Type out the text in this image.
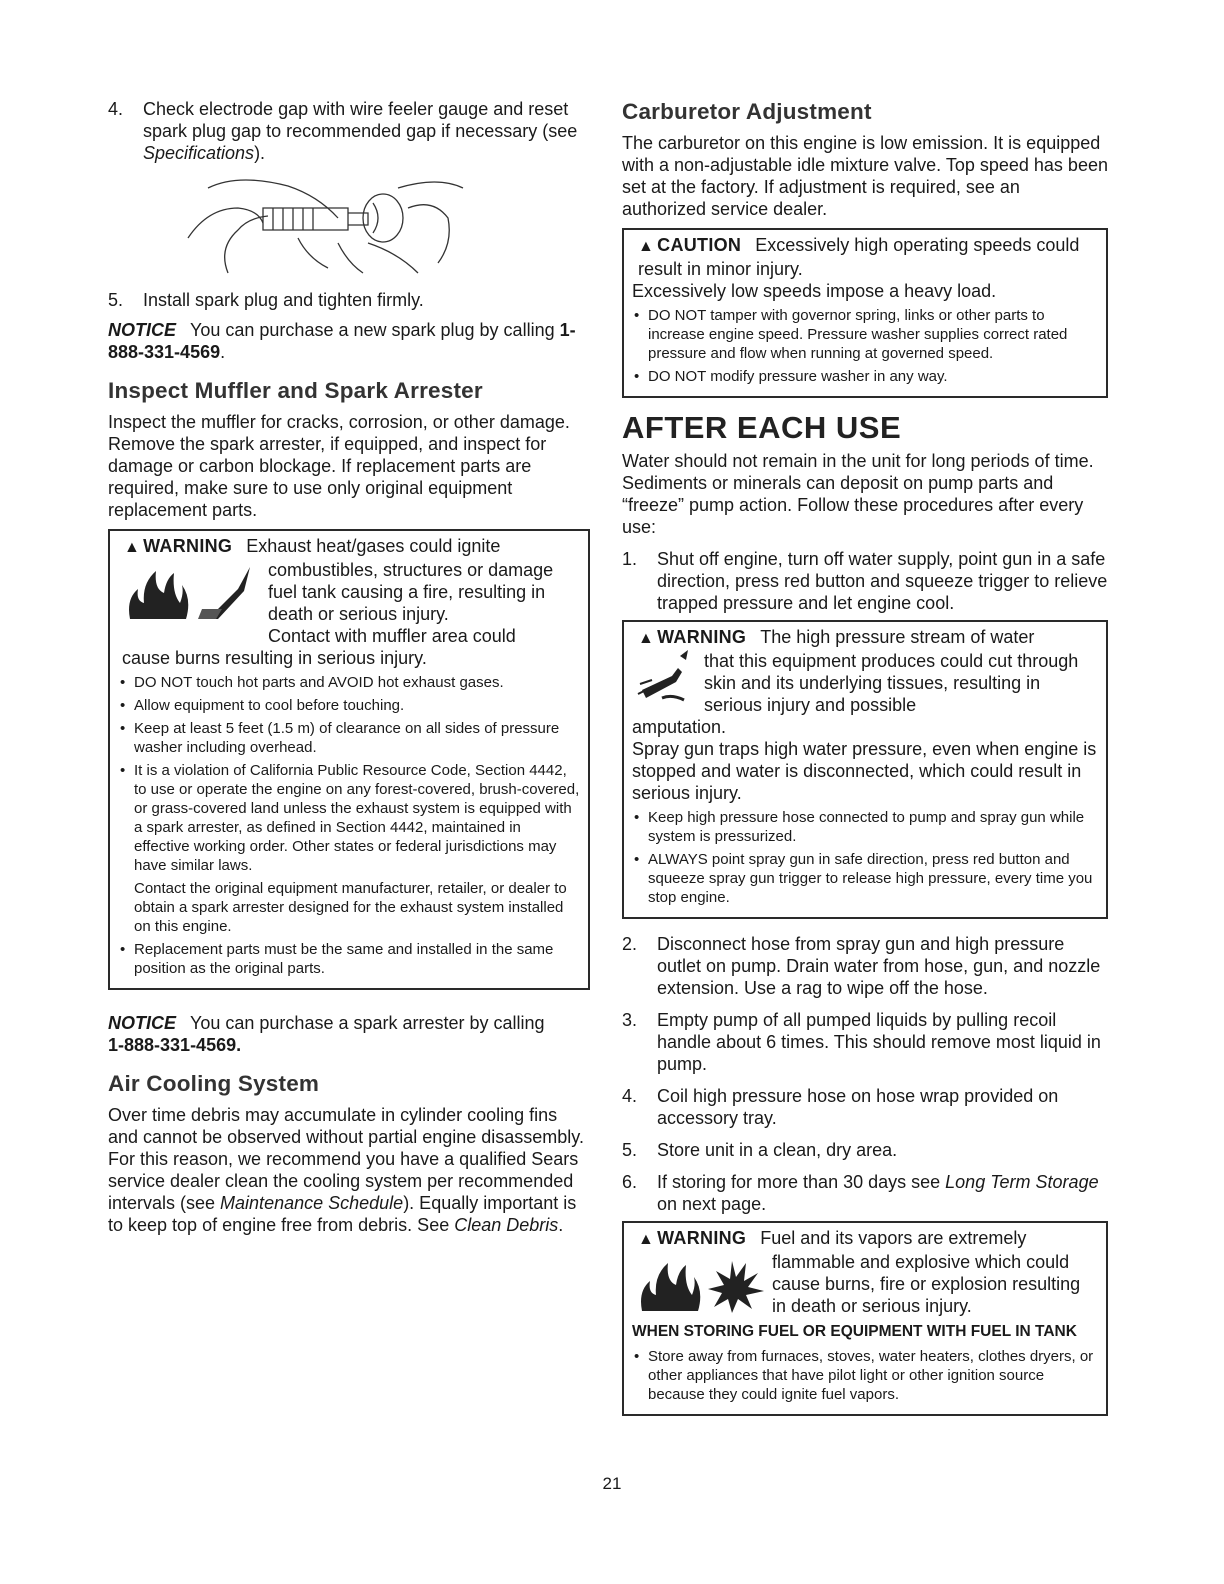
4.	Check electrode gap with wire feeler gauge and reset spark plug gap to recommended gap if necessary (see Specifications).
5.	Install spark plug and tighten firmly.

NOTICE You can purchase a new spark plug by calling 1-888-331-4569.

Inspect Muffler and Spark Arrester

Inspect the muffler for cracks, corrosion, or other damage. Remove the spark arrester, if equipped, and inspect for damage or carbon blockage. If replacement parts are required, make sure to use only original equipment replacement parts.

▲ WARNING Exhaust heat/gases could ignite
combustibles, structures or damage fuel tank causing a fire, resulting in death or serious injury.
Contact with muffler area could
cause burns resulting in serious injury.
• DO NOT touch hot parts and AVOID hot exhaust gases.
• Allow equipment to cool before touching.
• Keep at least 5 feet (1.5 m) of clearance on all sides of pressure washer including overhead.
• It is a violation of California Public Resource Code, Section 4442, to use or operate the engine on any forest-covered, brush-covered, or grass-covered land unless the exhaust system is equipped with a spark arrester, as defined in Section 4442, maintained in effective working order. Other states or federal jurisdictions may have similar laws.
Contact the original equipment manufacturer, retailer, or dealer to obtain a spark arrester designed for the exhaust system installed on this engine.
• Replacement parts must be the same and installed in the same position as the original parts.

NOTICE You can purchase a spark arrester by calling
1-888-331-4569.

Air Cooling System

Over time debris may accumulate in cylinder cooling fins and cannot be observed without partial engine disassembly. For this reason, we recommend you have a qualified Sears service dealer clean the cooling system per recommended intervals (see Maintenance Schedule). Equally important is to keep top of engine free from debris. See Clean Debris.

Carburetor Adjustment

The carburetor on this engine is low emission. It is equipped with a non-adjustable idle mixture valve. Top speed has been set at the factory. If adjustment is required, see an authorized service dealer.

▲ CAUTION Excessively high operating speeds could result in minor injury.
Excessively low speeds impose a heavy load.
• DO NOT tamper with governor spring, links or other parts to increase engine speed. Pressure washer supplies correct rated pressure and flow when running at governed speed.
• DO NOT modify pressure washer in any way.
AFTER EACH USE

Water should not remain in the unit for long periods of time. Sediments or minerals can deposit on pump parts and “freeze” pump action. Follow these procedures after every use:

1.	Shut off engine, turn off water supply, point gun in a safe direction, press red button and squeeze trigger to relieve trapped pressure and let engine cool.
▲ WARNING The high pressure stream of water
that this equipment produces could cut through skin and its underlying tissues, resulting in serious injury and possible
amputation.
Spray gun traps high water pressure, even when engine is stopped and water is disconnected, which could result in serious injury.
• Keep high pressure hose connected to pump and spray gun while system is pressurized.
• ALWAYS point spray gun in safe direction, press red button and squeeze spray gun trigger to release high pressure, every time you stop engine.
2.	Disconnect hose from spray gun and high pressure outlet on pump. Drain water from hose, gun, and nozzle extension. Use a rag to wipe off the hose.
3.	Empty pump of all pumped liquids by pulling recoil handle about 6 times. This should remove most liquid in pump.
4.	Coil high pressure hose on hose wrap provided on accessory tray.
5.	Store unit in a clean, dry area.
6.	If storing for more than 30 days see Long Term Storage on next page.
▲ WARNING Fuel and its vapors are extremely
flammable and explosive which could cause burns, fire or explosion resulting in death or serious injury.
WHEN STORING FUEL OR EQUIPMENT WITH FUEL IN TANK
• Store away from furnaces, stoves, water heaters, clothes dryers, or other appliances that have pilot light or other ignition source because they could ignite fuel vapors.
21
